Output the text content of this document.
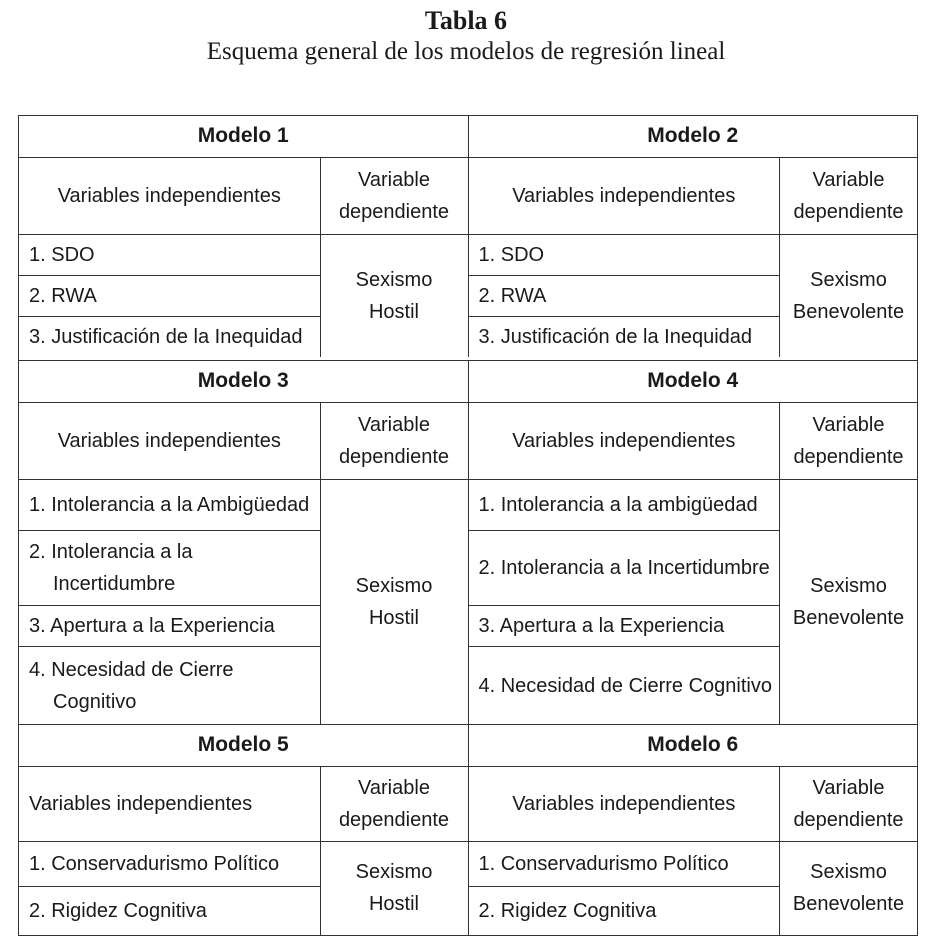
Tabla 6
Esquema general de los modelos de regresión lineal
Modelo 1	
Variables independientes	Variable
dependiente
1. SDO	Sexismo
Hostil
2. RWA	
3. Justificación de la Inequidad	
Modelo 2	
Variables independientes	Variable
dependiente
1. SDO	Sexismo
Benevolente
2. RWA	
3. Justificación de la Inequidad	
Modelo 3	
Variables independientes	Variable
dependiente
1. Intolerancia a la Ambigüedad	Sexismo
Hostil

2. Intolerancia a la Incertidumbre	

3. Apertura a la Experiencia	

4. Necesidad de Cierre Cognitivo	
Modelo 4	
Variables independientes	Variable
dependiente
1. Intolerancia a la ambigüedad	Sexismo
Benevolente
2. Intolerancia a la Incertidumbre	
3. Apertura a la Experiencia	

4. Necesidad de Cierre Cognitivo	
Modelo 5	
Variables independientes	Variable
dependiente
1. Conservadurismo Político	Sexismo
Hostil
2. Rigidez Cognitiva	
Modelo 6	
Variables independientes	Variable
dependiente
1. Conservadurismo Político	Sexismo
Benevolente
2. Rigidez Cognitiva	
